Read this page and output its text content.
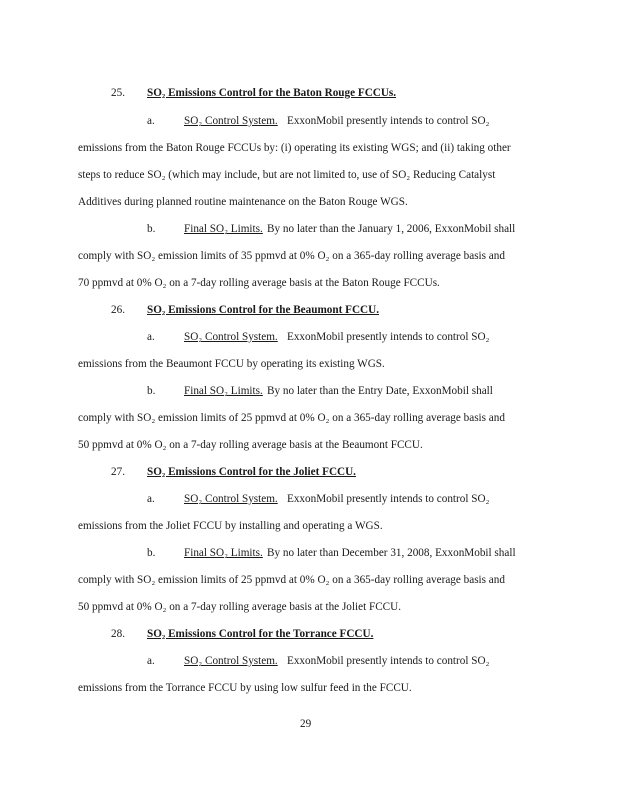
25. SO₂ Emissions Control for the Baton Rouge FCCUs.
a.	SO₂ Control System. ExxonMobil presently intends to control SO₂
emissions from the Baton Rouge FCCUs by: (i) operating its existing WGS; and (ii) taking other
steps to reduce SO₂ (which may include, but are not limited to, use of SO₂ Reducing Catalyst
Additives during planned routine maintenance on the Baton Rouge WGS.
b.	Final SO₂ Limits. By no later than the January 1, 2006, ExxonMobil shall
comply with SO₂ emission limits of 35 ppmvd at 0% O₂ on a 365-day rolling average basis and
70 ppmvd at 0% O₂ on a 7-day rolling average basis at the Baton Rouge FCCUs.
26. SO₂ Emissions Control for the Beaumont FCCU.
a.	SO₂ Control System. ExxonMobil presently intends to control SO₂
emissions from the Beaumont FCCU by operating its existing WGS.
b.	Final SO₂ Limits. By no later than the Entry Date, ExxonMobil shall
comply with SO₂ emission limits of 25 ppmvd at 0% O₂ on a 365-day rolling average basis and
50 ppmvd at 0% O₂ on a 7-day rolling average basis at the Beaumont FCCU.
27. SO₂ Emissions Control for the Joliet FCCU.
a.	SO₂ Control System. ExxonMobil presently intends to control SO₂
emissions from the Joliet FCCU by installing and operating a WGS.
b.	Final SO₂ Limits. By no later than December 31, 2008, ExxonMobil shall
comply with SO₂ emission limits of 25 ppmvd at 0% O₂ on a 365-day rolling average basis and
50 ppmvd at 0% O₂ on a 7-day rolling average basis at the Joliet FCCU.
28. SO₂ Emissions Control for the Torrance FCCU.
a.	SO₂ Control System. ExxonMobil presently intends to control SO₂
emissions from the Torrance FCCU by using low sulfur feed in the FCCU.
29
